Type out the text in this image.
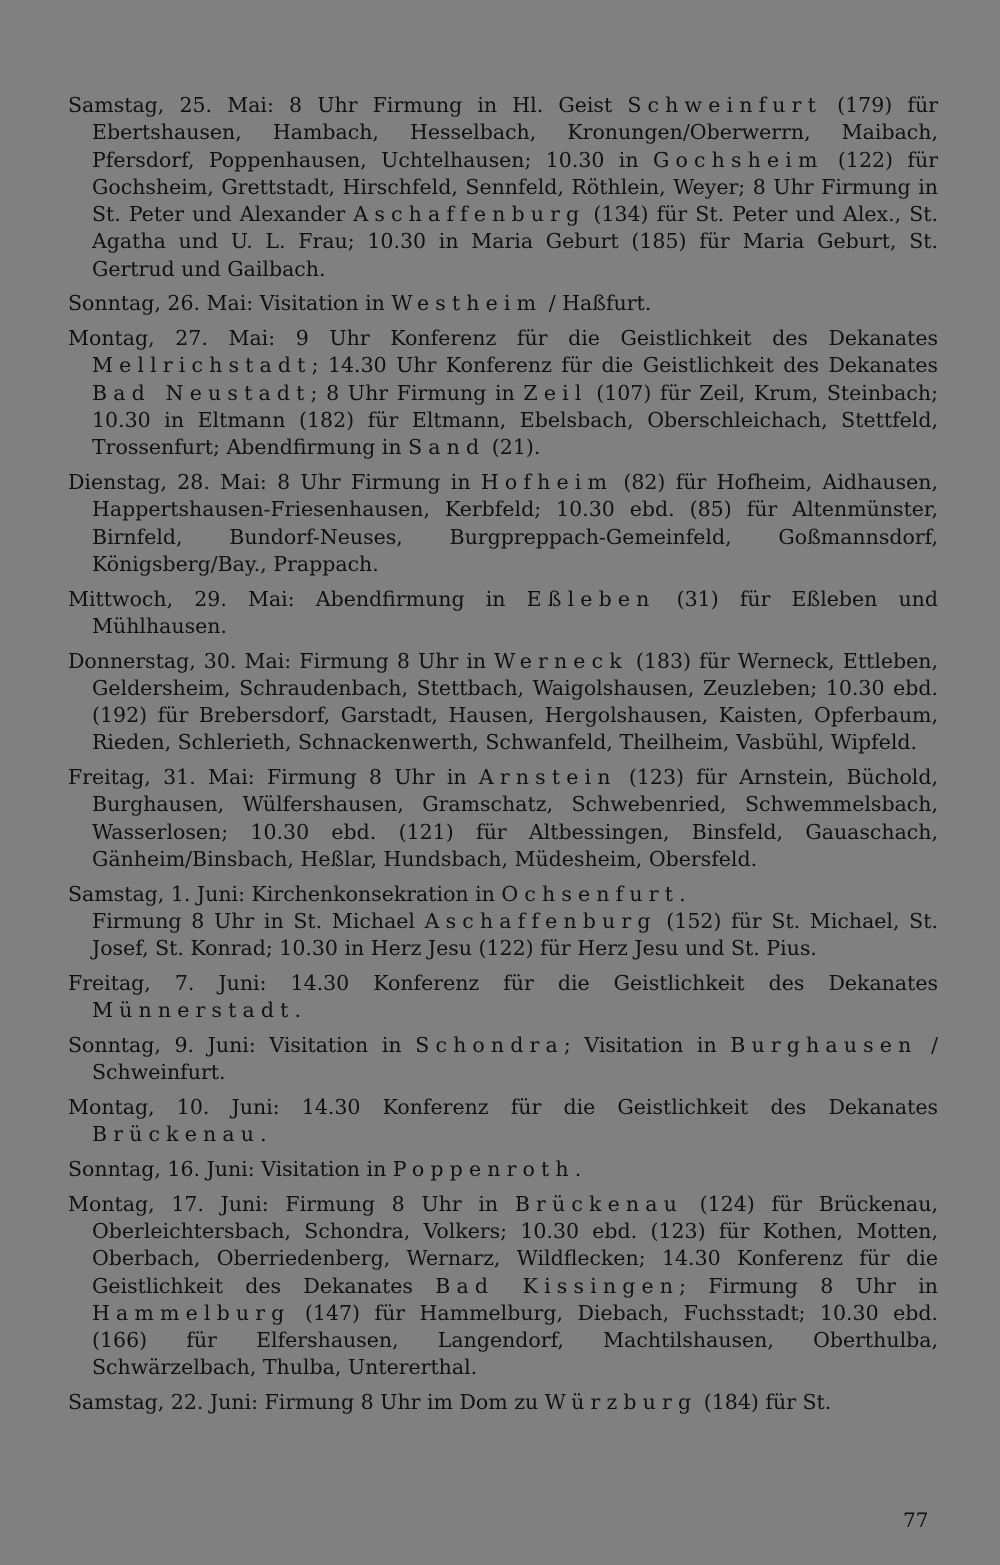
Samstag, 25. Mai: 8 Uhr Firmung in Hl. Geist Schweinfurt (179) für Ebertshausen, Hambach, Hesselbach, Kronungen/Oberwerrn, Maibach, Pfersdorf, Poppenhausen, Uchtelhausen; 10.30 in Gochsheim (122) für Gochsheim, Grettstadt, Hirschfeld, Sennfeld, Röthlein, Weyer; 8 Uhr Firmung in St. Peter und Alexander Aschaffenburg (134) für St. Peter und Alex., St. Agatha und U. L. Frau; 10.30 in Maria Geburt (185) für Maria Geburt, St. Gertrud und Gailbach.

Sonntag, 26. Mai: Visitation in Westheim / Haßfurt.

Montag, 27. Mai: 9 Uhr Konferenz für die Geistlichkeit des Dekanates Mellrichstadt; 14.30 Uhr Konferenz für die Geistlichkeit des Dekanates Bad Neustadt; 8 Uhr Firmung in Zeil (107) für Zeil, Krum, Steinbach; 10.30 in Eltmann (182) für Eltmann, Ebelsbach, Oberschleichach, Stettfeld, Trossenfurt; Abendfirmung in Sand (21).

Dienstag, 28. Mai: 8 Uhr Firmung in Hofheim (82) für Hofheim, Aidhausen, Happertshausen-Friesenhausen, Kerbfeld; 10.30 ebd. (85) für Altenmünster, Birnfeld, Bundorf-Neuses, Burgpreppach-Gemeinfeld, Goßmannsdorf, Königsberg/Bay., Prappach.

Mittwoch, 29. Mai: Abendfirmung in Eßleben (31) für Eßleben und Mühlhausen.

Donnerstag, 30. Mai: Firmung 8 Uhr in Werneck (183) für Werneck, Ettleben, Geldersheim, Schraudenbach, Stettbach, Waigolshausen, Zeuzleben; 10.30 ebd. (192) für Brebersdorf, Garstadt, Hausen, Hergolshausen, Kaisten, Opferbaum, Rieden, Schlerieth, Schnackenwerth, Schwanfeld, Theilheim, Vasbühl, Wipfeld.

Freitag, 31. Mai: Firmung 8 Uhr in Arnstein (123) für Arnstein, Büchold, Burghausen, Wülfershausen, Gramschatz, Schwebenried, Schwemmelsbach, Wasserlosen; 10.30 ebd. (121) für Altbessingen, Binsfeld, Gauaschach, Gänheim/Binsbach, Heßlar, Hundsbach, Müdesheim, Obersfeld.

Samstag, 1. Juni: Kirchenkonsekration in Ochsenfurt.
Firmung 8 Uhr in St. Michael Aschaffenburg (152) für St. Michael, St. Josef, St. Konrad; 10.30 in Herz Jesu (122) für Herz Jesu und St. Pius.

Freitag, 7. Juni: 14.30 Konferenz für die Geistlichkeit des Dekanates Münnerstadt.

Sonntag, 9. Juni: Visitation in Schondra; Visitation in Burghausen / Schweinfurt.

Montag, 10. Juni: 14.30 Konferenz für die Geistlichkeit des Dekanates Brückenau.

Sonntag, 16. Juni: Visitation in Poppenroth.

Montag, 17. Juni: Firmung 8 Uhr in Brückenau (124) für Brückenau, Oberleichtersbach, Schondra, Volkers; 10.30 ebd. (123) für Kothen, Motten, Oberbach, Oberriedenberg, Wernarz, Wildflecken; 14.30 Konferenz für die Geistlichkeit des Dekanates Bad Kissingen; Firmung 8 Uhr in Hammelburg (147) für Hammelburg, Diebach, Fuchsstadt; 10.30 ebd. (166) für Elfershausen, Langendorf, Machtilshausen, Oberthulba, Schwärzelbach, Thulba, Untererthal.

Samstag, 22. Juni: Firmung 8 Uhr im Dom zu Würzburg (184) für St.

77
